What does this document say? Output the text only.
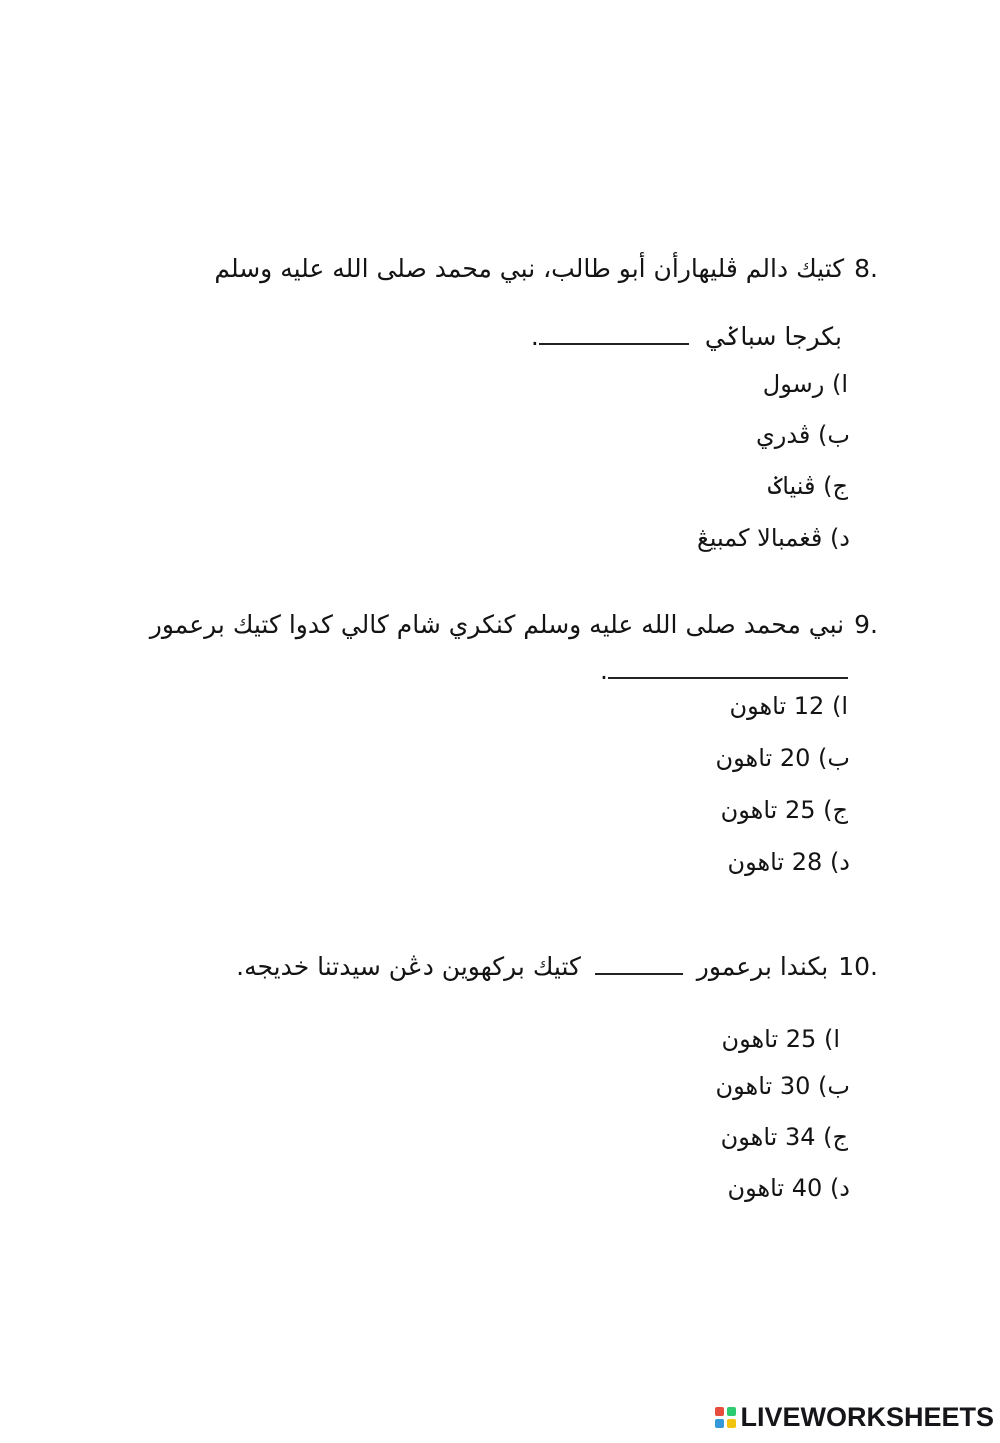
8.كتيك دالم ڤليهارأن أبو طالب، نبي محمد صلى الله عليه وسلم
بكرجا سباݢي .
ا) رسول
ب) ڤدري
ج) ڤنياݢ
د) ڤغمبالا كمبيڠ
9.نبي محمد صلى الله عليه وسلم كنكري شام كالي كدوا كتيك برعمور
.
ا) 12 تاهون
ب) 20 تاهون
ج) 25 تاهون
د) 28 تاهون
10.بكندا برعمور  كتيك بركهوين دڠن سيدتنا خديجه.
ا) 25 تاهون
ب) 30 تاهون
ج) 34 تاهون
د) 40 تاهون
LIVEWORKSHEETS
